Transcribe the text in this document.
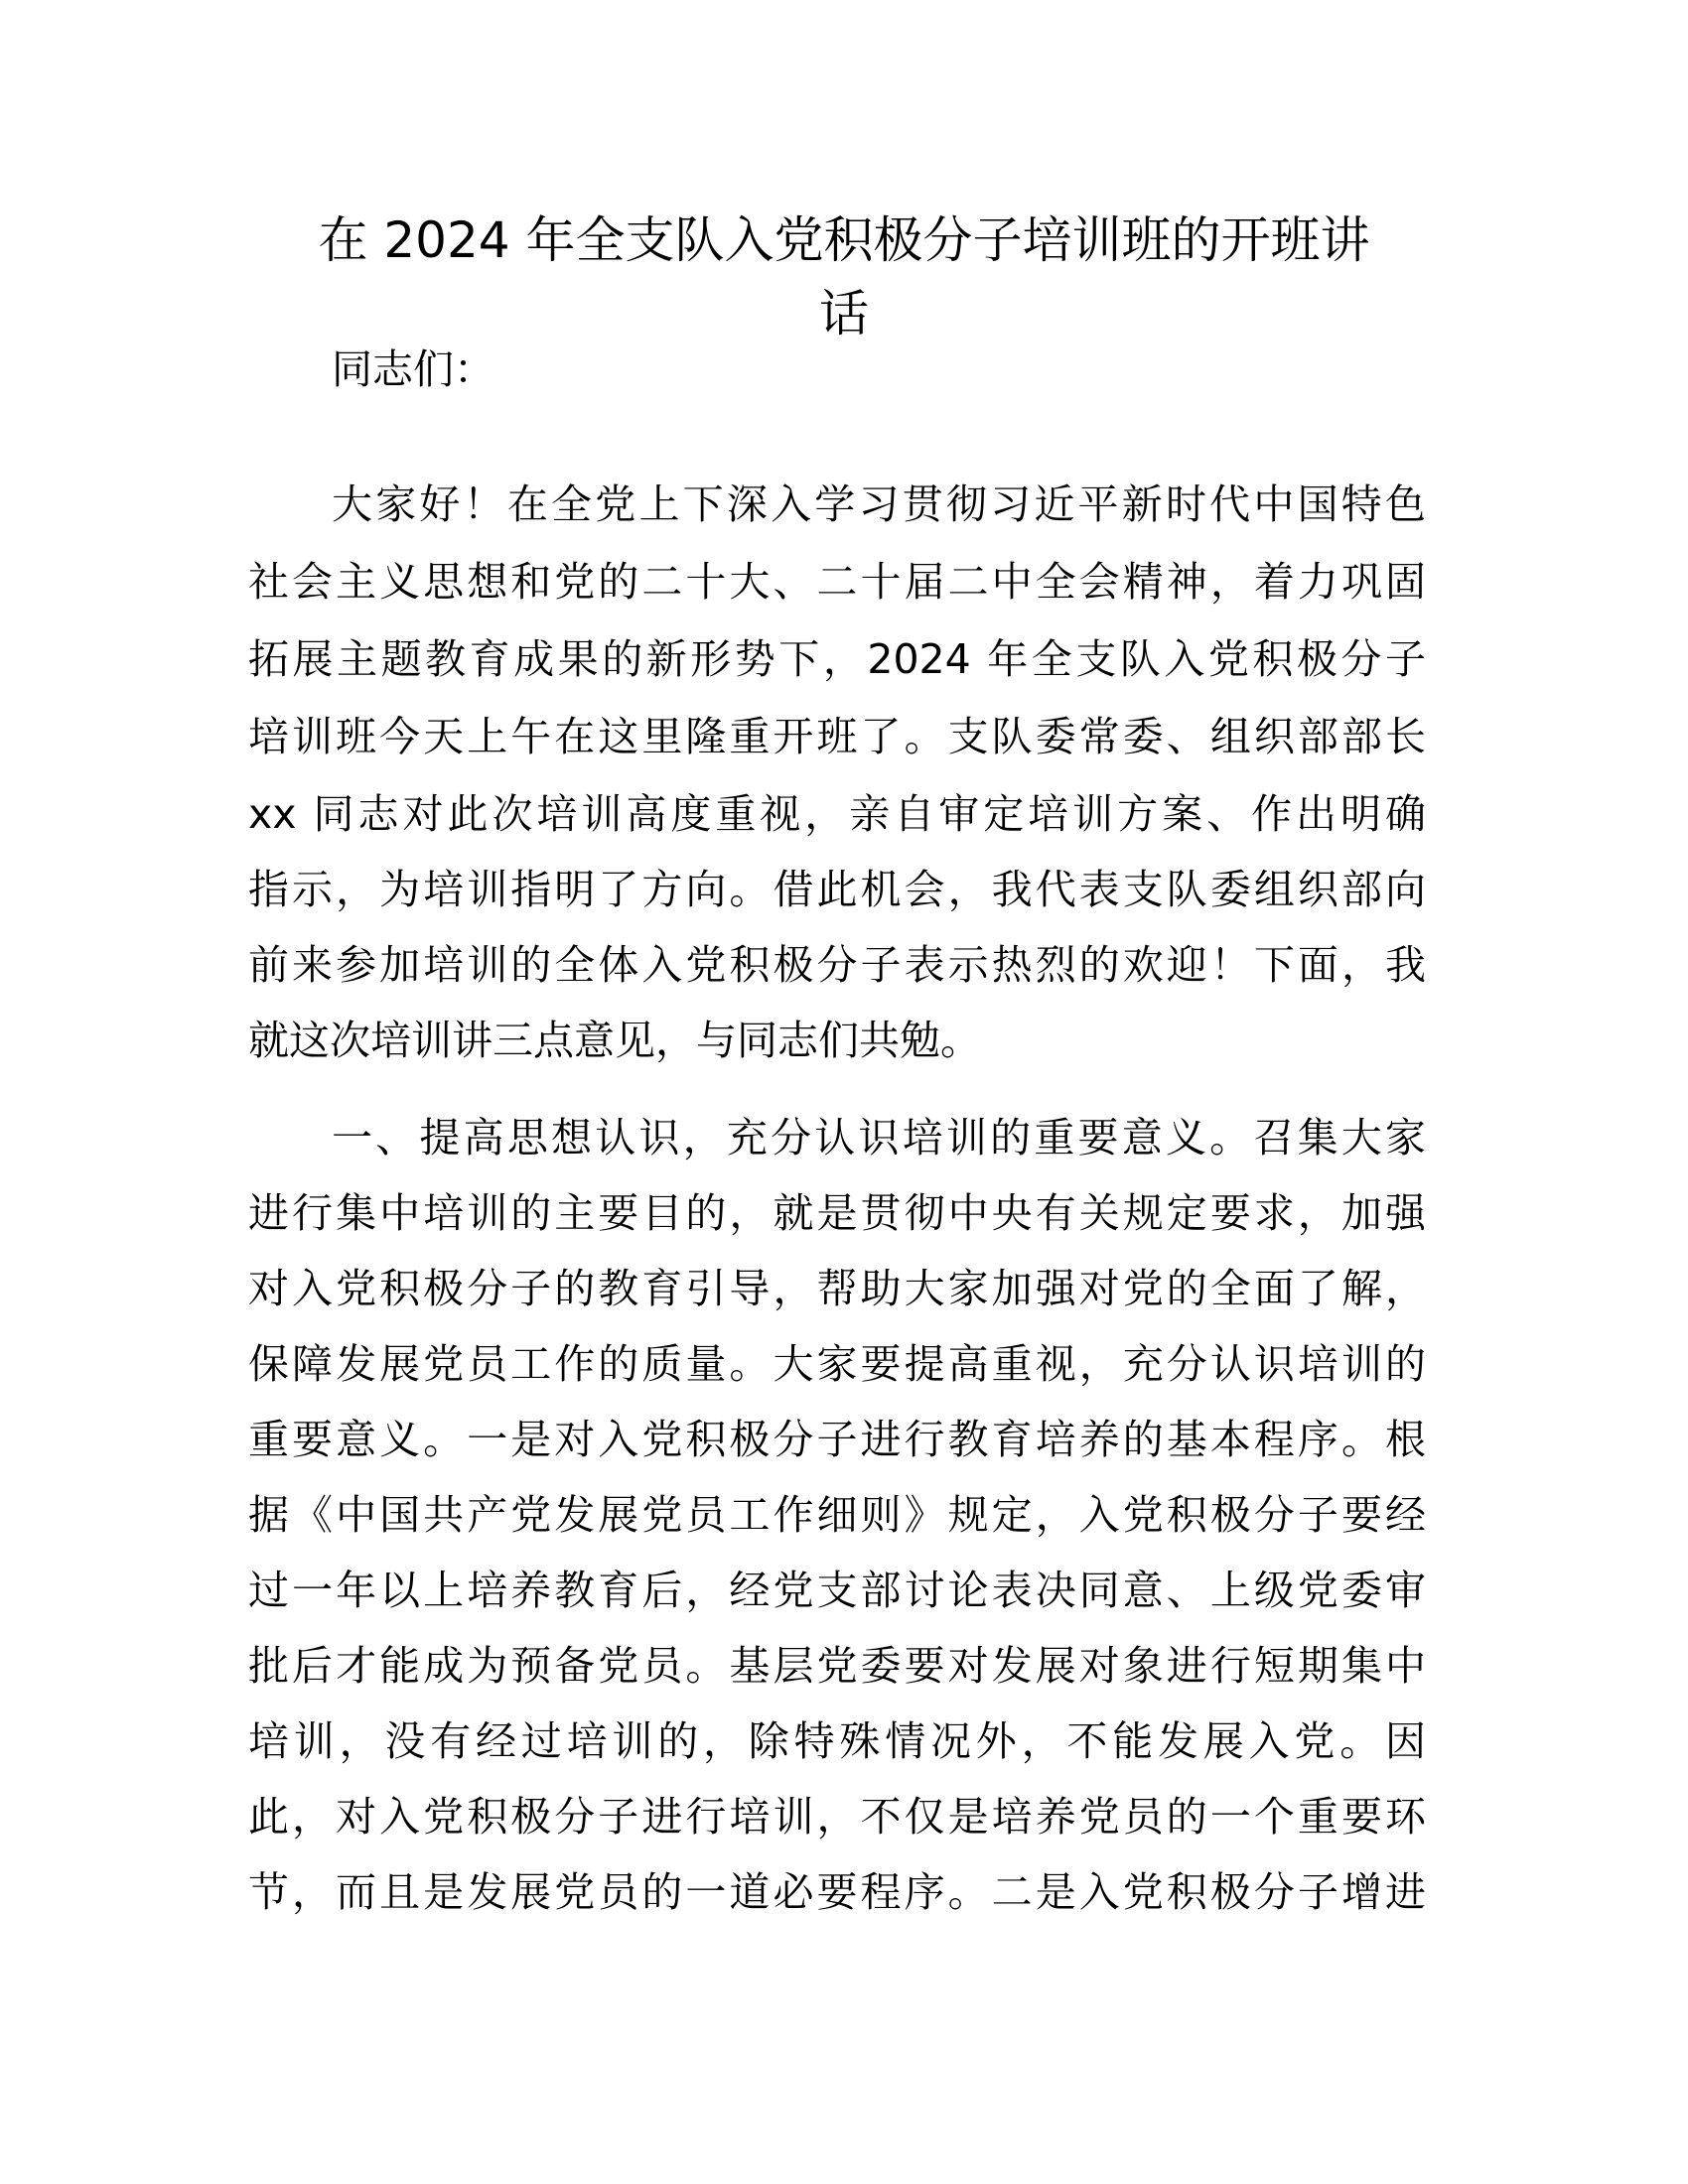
在 2024 年全支队入党积极分子培训班的开班讲
话
同志们：
大家好！在全党上下深入学习贯彻习近平新时代中国特色
社会主义思想和党的二十大、二十届二中全会精神，着力巩固
拓展主题教育成果的新形势下，2024 年全支队入党积极分子
培训班今天上午在这里隆重开班了。支队委常委、组织部部长
xx 同志对此次培训高度重视，亲自审定培训方案、作出明确
指示，为培训指明了方向。借此机会，我代表支队委组织部向
前来参加培训的全体入党积极分子表示热烈的欢迎！下面，我
就这次培训讲三点意见，与同志们共勉。
一、提高思想认识，充分认识培训的重要意义。召集大家
进行集中培训的主要目的，就是贯彻中央有关规定要求，加强
对入党积极分子的教育引导，帮助大家加强对党的全面了解，
保障发展党员工作的质量。大家要提高重视，充分认识培训的
重要意义。一是对入党积极分子进行教育培养的基本程序。根
据《中国共产党发展党员工作细则》规定，入党积极分子要经
过一年以上培养教育后，经党支部讨论表决同意、上级党委审
批后才能成为预备党员。基层党委要对发展对象进行短期集中
培训，没有经过培训的，除特殊情况外，不能发展入党。因
此，对入党积极分子进行培训，不仅是培养党员的一个重要环
节，而且是发展党员的一道必要程序。二是入党积极分子增进
